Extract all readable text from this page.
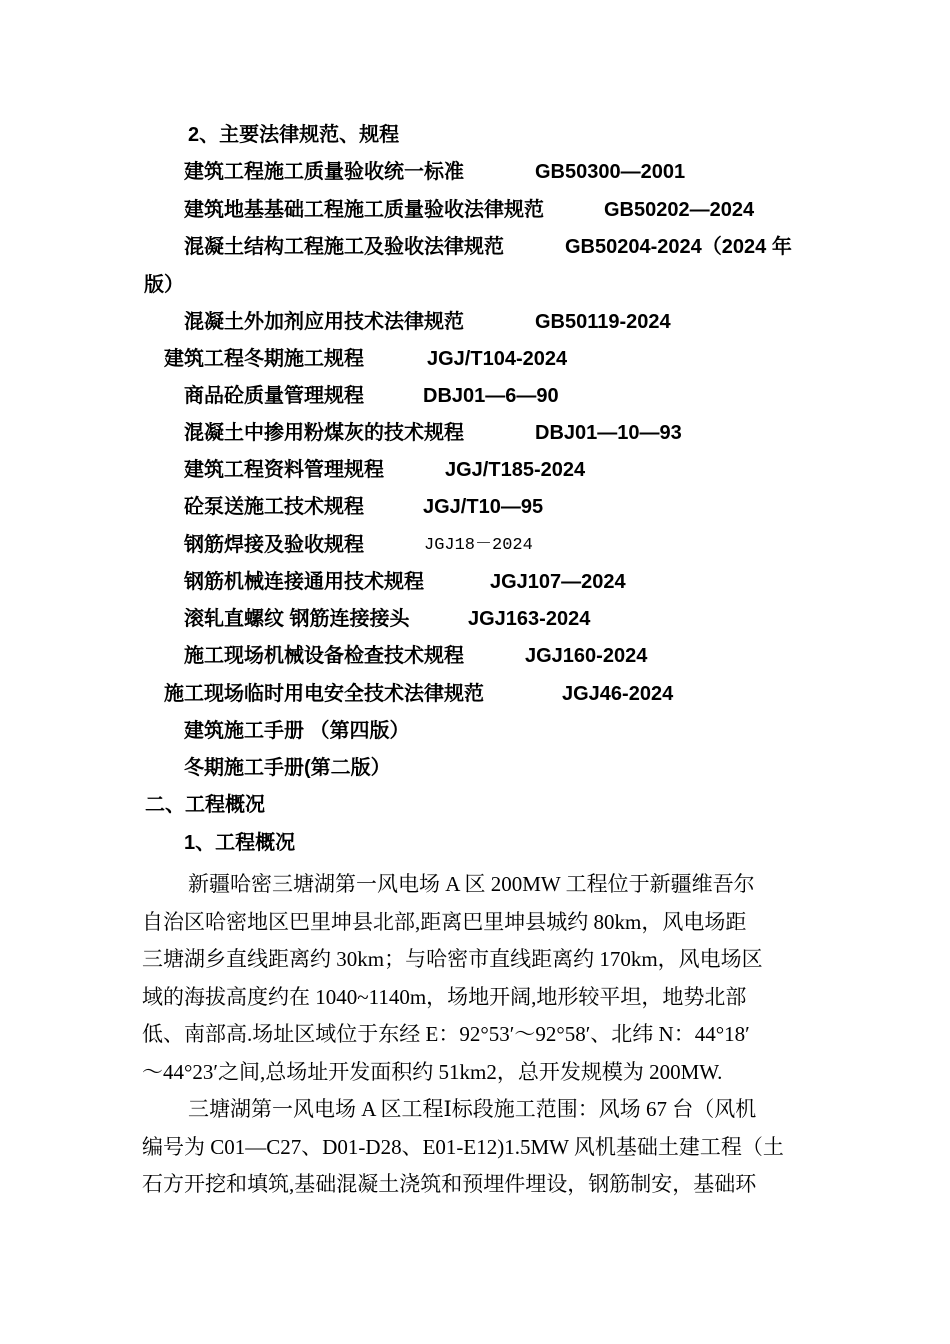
2、主要法律规范、规程
建筑工程施工质量验收统一标准	GB50300—2001
建筑地基基础工程施工质量验收法律规范	GB50202—2024
混凝土结构工程施工及验收法律规范	GB50204-2024（2024 年
版）
混凝土外加剂应用技术法律规范	GB50119-2024
建筑工程冬期施工规程	JGJ/T104-2024
商品砼质量管理规程	DBJ01—6—90
混凝土中掺用粉煤灰的技术规程	DBJ01—10—93
建筑工程资料管理规程	JGJ/T185-2024
砼泵送施工技术规程	JGJ/T10—95
钢筋焊接及验收规程	JGJ18－2024
钢筋机械连接通用技术规程	JGJ107—2024
滚轧直螺纹 钢筋连接接头	JGJ163-2024
施工现场机械设备检查技术规程	JGJ160-2024
施工现场临时用电安全技术法律规范	JGJ46-2024
建筑施工手册 （第四版）
冬期施工手册(第二版）
二、工程概况
1、工程概况
新疆哈密三塘湖第一风电场 A 区 200MW 工程位于新疆维吾尔
自治区哈密地区巴里坤县北部,距离巴里坤县城约 80km，风电场距
三塘湖乡直线距离约 30km；与哈密市直线距离约 170km，风电场区
域的海拔高度约在 1040~1140m，场地开阔,地形较平坦，地势北部
低、南部高.场址区域位于东经 E：92°53′～92°58′、北纬 N：44°18′
～44°23′之间,总场址开发面积约 51km2，总开发规模为 200MW.
三塘湖第一风电场 A 区工程Ⅰ标段施工范围：风场 67 台（风机
编号为 C01—C27、D01-D28、E01-E12)1.5MW 风机基础土建工程（土
石方开挖和填筑,基础混凝土浇筑和预埋件埋设，钢筋制安，基础环
